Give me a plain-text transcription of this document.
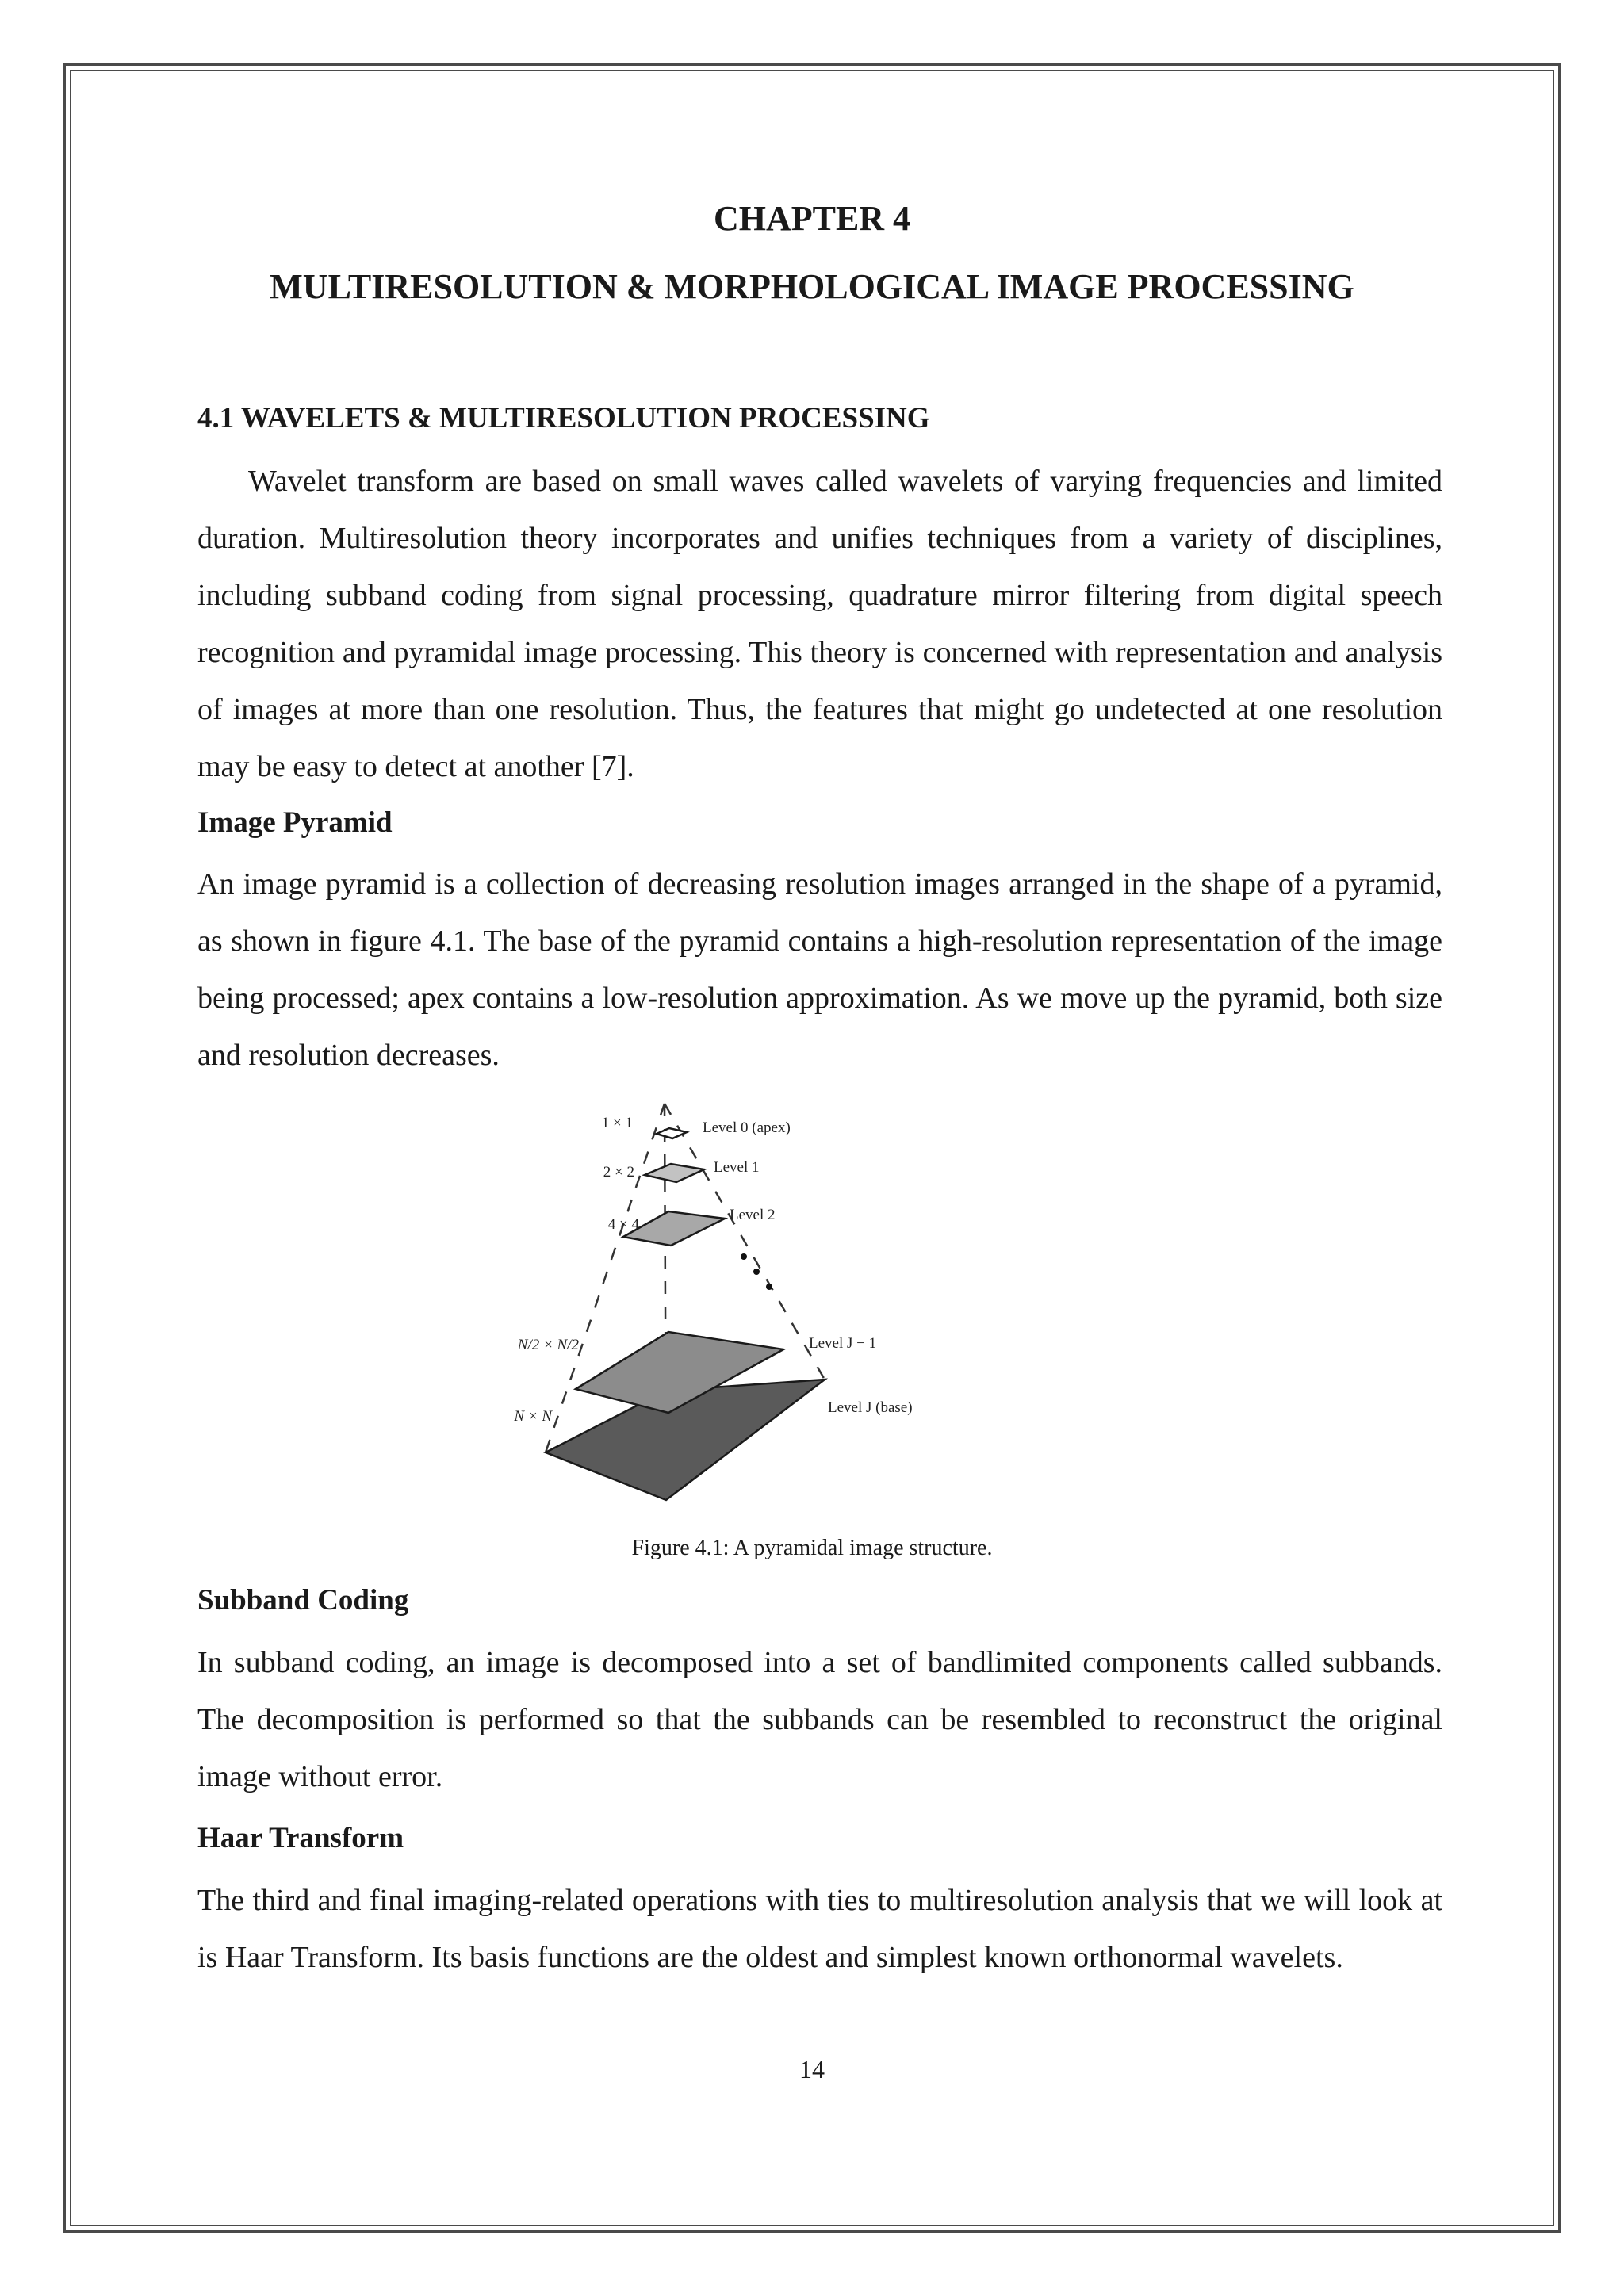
CHAPTER 4
MULTIRESOLUTION & MORPHOLOGICAL IMAGE PROCESSING
4.1 WAVELETS & MULTIRESOLUTION PROCESSING

Wavelet transform are based on small waves called wavelets of varying frequencies and limited duration. Multiresolution theory incorporates and unifies techniques from a variety of disciplines, including subband coding from signal processing, quadrature mirror filtering from digital speech recognition and pyramidal image processing. This theory is concerned with representation and analysis of images at more than one resolution. Thus, the features that might go undetected at one resolution may be easy to detect at another [7].

Image Pyramid

An image pyramid is a collection of decreasing resolution images arranged in the shape of a pyramid, as shown in figure 4.1. The base of the pyramid contains a high-resolution representation of the image being processed; apex contains a low-resolution approximation. As we move up the pyramid, both size and resolution decreases.

1 × 1
2 × 2
4 × 4
N/2 × N/2
N × N
Level 0 (apex)
Level 1
Level 2
Level J − 1
Level J (base)

Figure 4.1: A pyramidal image structure.

Subband Coding

In subband coding, an image is decomposed into a set of bandlimited components called subbands. The decomposition is performed so that the subbands can be resembled to reconstruct the original image without error.

Haar Transform

The third and final imaging-related operations with ties to multiresolution analysis that we will look at is Haar Transform. Its basis functions are the oldest and simplest known orthonormal wavelets.

14
